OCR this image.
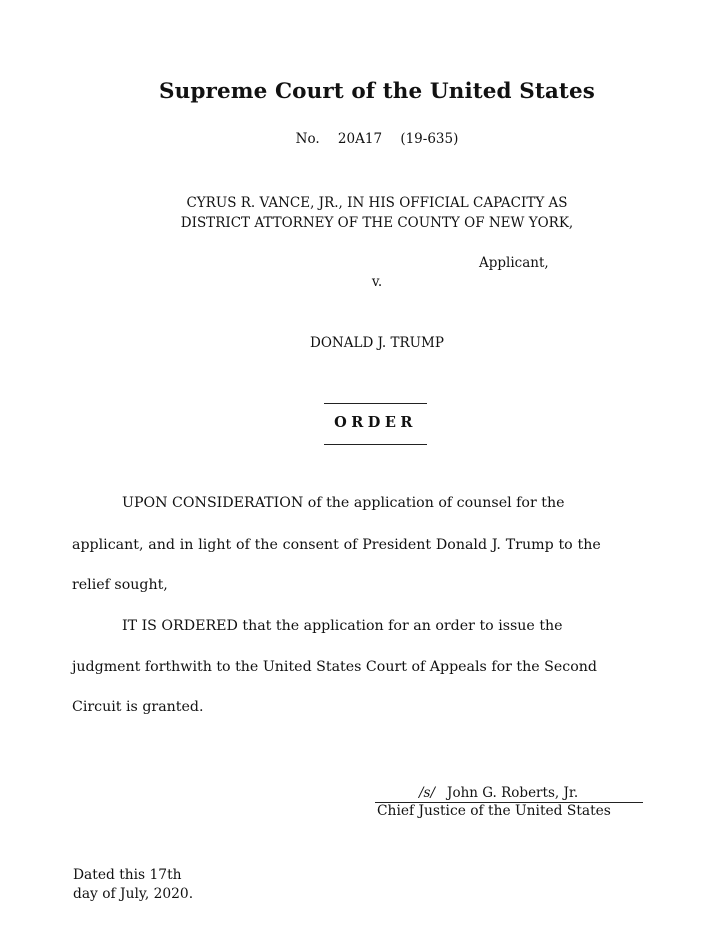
Supreme Court of the United States
No. 20A17 (19-635)
CYRUS R. VANCE, JR., IN HIS OFFICIAL CAPACITY AS
DISTRICT ATTORNEY OF THE COUNTY OF NEW YORK,
Applicant,
v.
DONALD J. TRUMP
ORDER
UPON CONSIDERATION of the application of counsel for the
applicant, and in light of the consent of President Donald J. Trump to the
relief sought,
IT IS ORDERED that the application for an order to issue the
judgment forthwith to the United States Court of Appeals for the Second
Circuit is granted.
/s/ John G. Roberts, Jr.
Chief Justice of the United States
Dated this 17th
day of July, 2020.
